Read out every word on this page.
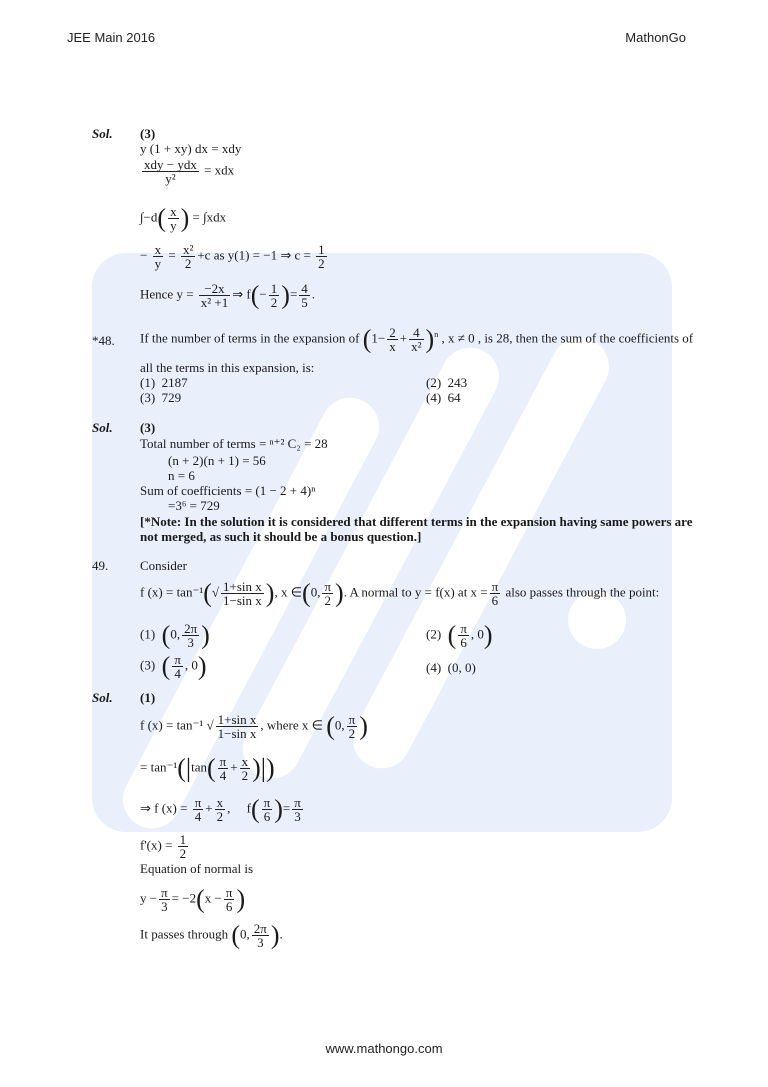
JEE Main 2016	MathonGo
Sol. (3)
y (1 + xy) dx = xdy
$\frac{\text{xdy − ydx}}{\text{y²}}$ = xdx
$\int-d( \frac{x}{y}$ ) = ∫xdx
− $\frac{x}{y} = \frac{\text{x²}}{2} +c$ as y(1) = −1 ⇒ $c = \frac{1}{2}$
Hence $y = \frac{-2x}{\text{x² +1}}$ ⇒ $f(- \frac{1}{2}$ )= $\frac{4}{5}$ .
*48. If the number of terms in the expansion of $(1- \frac{2}{x} + \frac{4}{\text{x²}} )^n$ , x ≠ 0 , is 28, then the sum of the coefficients of
all the terms in this expansion, is:
(1) 2187	(2) 243
(3) 729	(4) 64
Sol. (3)
Total number of terms = ⁿ⁺² C₂ = 28
(n + 2)(n + 1) = 56
n = 6
Sum of coefficients = (1 − 2 + 4)ⁿ
=3⁶ = 729
[*Note: In the solution it is considered that different terms in the expansion having same powers are
not merged, as such it should be a bonus question.]
49. Consider
f $(x) = \tan^{-1}(√ \frac{\text{1+sin x}}{\text{1−sin x}}$ ), x ∈(0, $\frac{\pi}{2}$ ). A normal to y = f(x) at $x = \frac{\pi}{6}$ also passes through the point:
(1) (0, $\frac{2\pi}{3}$ )	(2) ( $\frac{\pi}{6}$ , 0)
(3) ( $\frac{\pi}{4}$ , 0)	(4) (0, 0)
Sol. (1)
f (x) = tan⁻¹ √ $\frac{\text{1+sin x}}{\text{1−sin x}}$ , where x ∈ (0, $\frac{\pi}{2}$ )
= $\tan^{-1}(|\tan( \frac{\pi}{4} + \frac{x}{2}$ )|)
⇒ f $(x) = \frac{\pi}{4} + \frac{x}{2}$ , $f( \frac{\pi}{6}$ )= $\frac{\pi}{3}$
$f'(x) = \frac{1}{2}$
Equation of normal is
$y - \frac{\pi}{3} = -2(x - \frac{\pi}{6}$ )
It passes through (0, $\frac{2\pi}{3}$ ).
www.mathongo.com
